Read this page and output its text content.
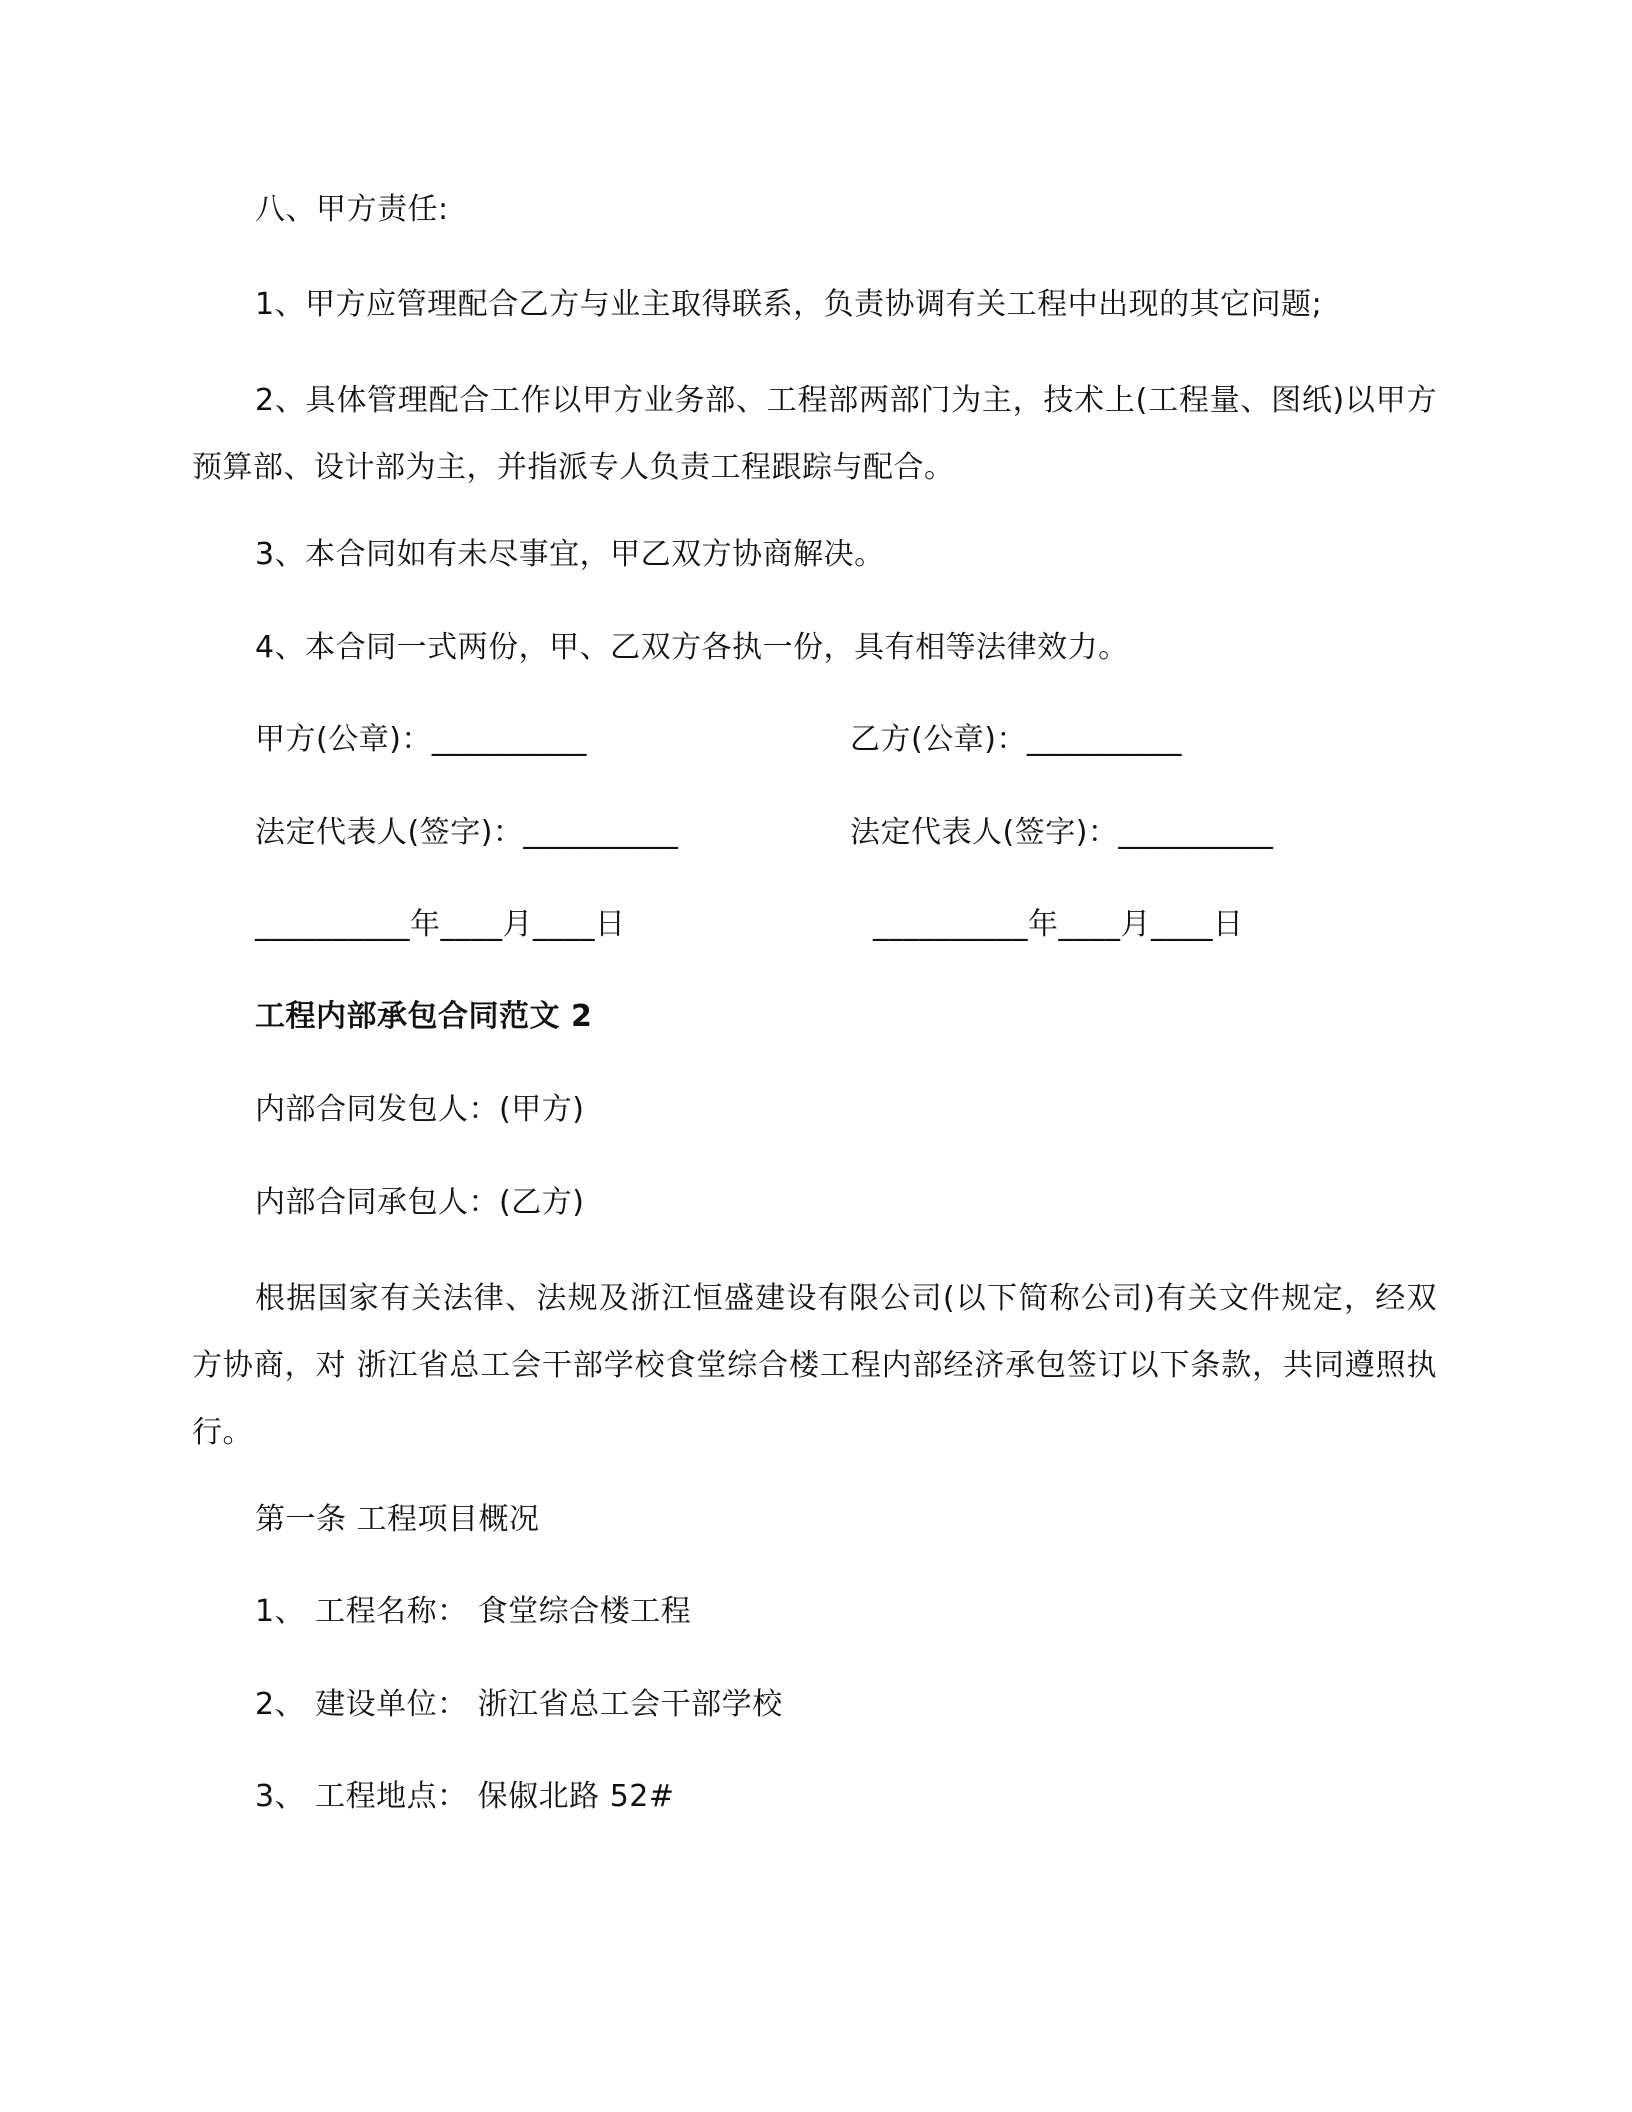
八、甲方责任:
1、甲方应管理配合乙方与业主取得联系，负责协调有关工程中出现的其它问题;
2、具体管理配合工作以甲方业务部、工程部两部门为主，技术上(工程量、图纸)以甲方预算部、设计部为主，并指派专人负责工程跟踪与配合。
3、本合同如有未尽事宜，甲乙双方协商解决。
4、本合同一式两份，甲、乙双方各执一份，具有相等法律效力。
甲方(公章)：__________	乙方(公章)：__________
法定代表人(签字)：__________	法定代表人(签字)：__________
__________年____月____日	__________年____月____日
工程内部承包合同范文 2
内部合同发包人：(甲方)
内部合同承包人：(乙方)
根据国家有关法律、法规及浙江恒盛建设有限公司(以下简称公司)有关文件规定，经双方协商，对 浙江省总工会干部学校食堂综合楼工程内部经济承包签订以下条款，共同遵照执行。
第一条 工程项目概况
1、 工程名称： 食堂综合楼工程
2、 建设单位： 浙江省总工会干部学校
3、 工程地点： 保俶北路 52#
